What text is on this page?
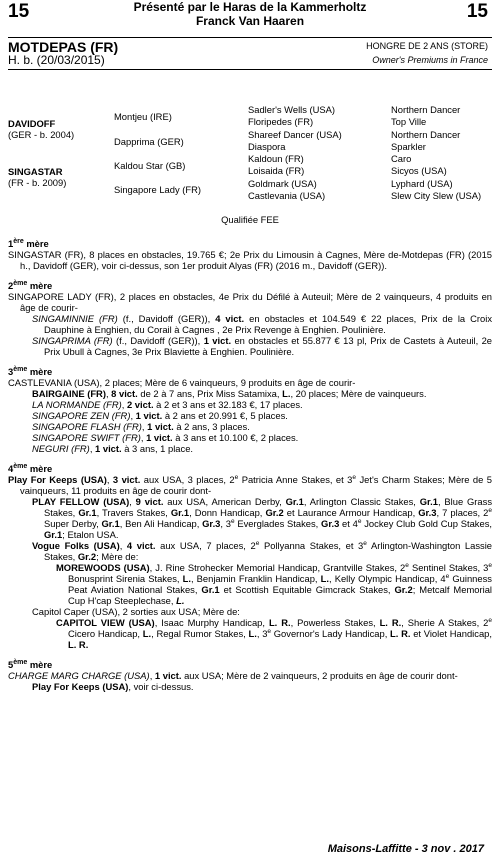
15	Présenté par le Haras de la Kammerholtz
Franck Van Haaren	15
MOTDEPAS (FR)
H. b. (20/03/2015)
HONGRE DE 2 ANS (STORE)
Owner's Premiums in France
DAVIDOFF
(GER - b. 2004)
SINGASTAR
(FR - b. 2009)
Montjeu (IRE)
Dapprima (GER)
Kaldou Star (GB)
Singapore Lady (FR)
Sadler's Wells (USA)
Floripedes (FR)
Shareef Dancer (USA)
Diaspora
Kaldoun (FR)
Loisaida (FR)
Goldmark (USA)
Castlevania (USA)
Northern Dancer
Top Ville
Northern Dancer
Sparkler
Caro
Sicyos (USA)
Lyphard (USA)
Slew City Slew (USA)
Qualifiée FEE
1ère mère
SINGASTAR (FR), 8 places en obstacles, 19.765 €; 2e Prix du Limousin à Cagnes, Mère de-Motdepas (FR) (2015 h., Davidoff (GER), voir ci-dessus, son 1er produit Alyas (FR) (2016 m., Davidoff (GER)).
2ème mère
SINGAPORE LADY (FR), 2 places en obstacles, 4e Prix du Défilé à Auteuil; Mère de 2 vainqueurs, 4 produits en âge de courir-
SINGAMINNIE (FR) (f., Davidoff (GER)), 4 vict. en obstacles et 104.549 € 22 places, Prix de la Croix Dauphine à Enghien, du Corail à Cagnes , 2e Prix Revenge à Enghien. Poulinière.
SINGAPRIMA (FR) (f., Davidoff (GER)), 1 vict. en obstacles et 55.877 € 13 pl, Prix de Castets à Auteuil, 2e Prix Ubull à Cagnes, 3e Prix Blaviette à Enghien. Poulinière.
3ème mère
CASTLEVANIA (USA), 2 places; Mère de 6 vainqueurs, 9 produits en âge de courir-
BAIRGAINE (FR), 8 vict. de 2 à 7 ans, Prix Miss Satamixa, L., 20 places; Mère de vainqueurs.
LA NORMANDE (FR), 2 vict. à 2 et 3 ans et 32.183 €, 17 places.
SINGAPORE ZEN (FR), 1 vict. à 2 ans et 20.991 €, 5 places.
SINGAPORE FLASH (FR), 1 vict. à 2 ans, 3 places.
SINGAPORE SWIFT (FR), 1 vict. à 3 ans et 10.100 €, 2 places.
NEGURI (FR), 1 vict. à 3 ans, 1 place.
4ème mère
Play For Keeps (USA), 3 vict. aux USA, 3 places, 2e Patricia Anne Stakes, et 3e Jet's Charm Stakes; Mère de 5 vainqueurs, 11 produits en âge de courir dont-
PLAY FELLOW (USA), 9 vict. aux USA, American Derby, Gr.1, Arlington Classic Stakes, Gr.1, Blue Grass Stakes, Gr.1, Travers Stakes, Gr.1, Donn Handicap, Gr.2 et Laurance Armour Handicap, Gr.3, 7 places, 2e Super Derby, Gr.1, Ben Ali Handicap, Gr.3, 3e Everglades Stakes, Gr.3 et 4e Jockey Club Gold Cup Stakes, Gr.1; Etalon USA.
Vogue Folks (USA), 4 vict. aux USA, 7 places, 2e Pollyanna Stakes, et 3e Arlington-Washington Lassie Stakes, Gr.2; Mère de:
MOREWOODS (USA), J. Rine Strohecker Memorial Handicap, Grantville Stakes, 2e Sentinel Stakes, 3e Bonusprint Sirenia Stakes, L., Benjamin Franklin Handicap, L., Kelly Olympic Handicap, 4e Guinness Peat Aviation National Stakes, Gr.1 et Scottish Equitable Gimcrack Stakes, Gr.2; Metcalf Memorial Cup H'cap Steeplechase, L.
Capitol Caper (USA), 2 sorties aux USA; Mère de:
CAPITOL VIEW (USA), Isaac Murphy Handicap, L. R., Powerless Stakes, L. R., Sherie A Stakes, 2e Cicero Handicap, L., Regal Rumor Stakes, L., 3e Governor's Lady Handicap, L. R. et Violet Handicap, L. R.
5ème mère
CHARGE MARG CHARGE (USA), 1 vict. aux USA; Mère de 2 vainqueurs, 2 produits en âge de courir dont-
Play For Keeps (USA), voir ci-dessus.
Maisons-Laffitte - 3 nov . 2017
